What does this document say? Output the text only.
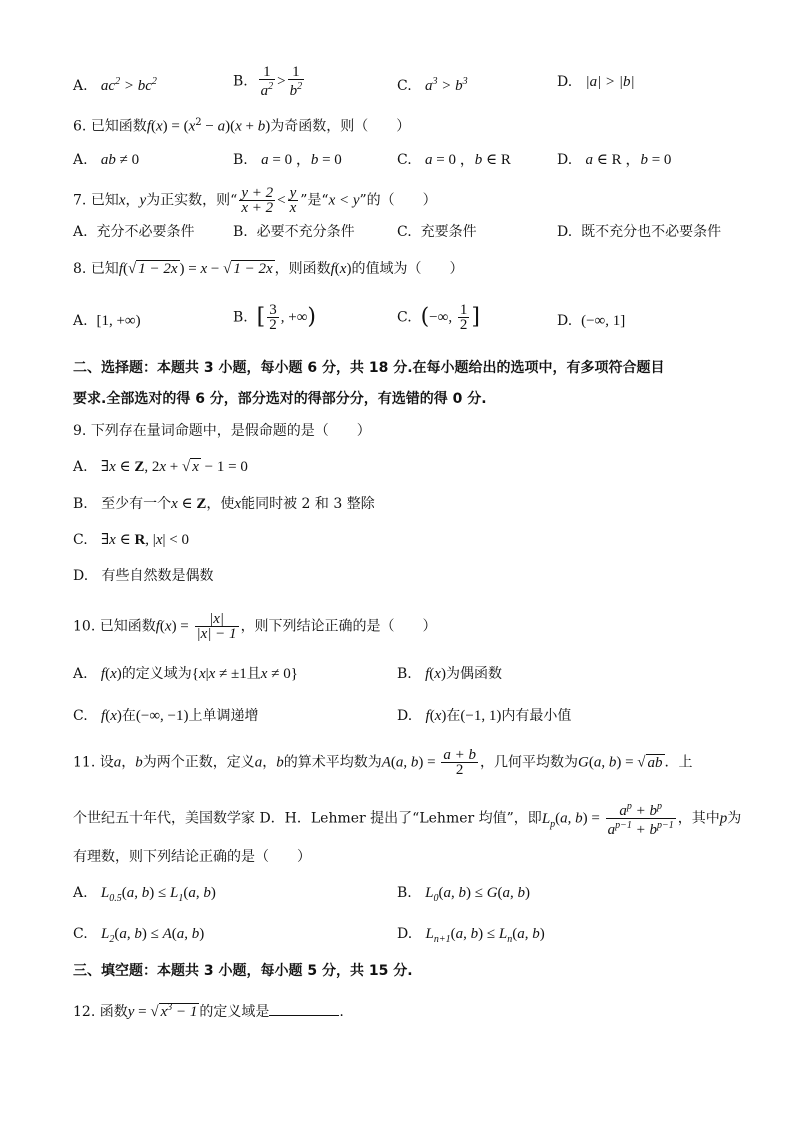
A. $ac^2 > bc^2$	B. $\frac{1}{a^2} > \frac{1}{b^2}$	C. $a^3 > b^3$	D. |a| > |b|
6. 已知函数$f(x) = (x^2 - a)(x + b)$为奇函数，则（　　）
A. ab ≠ 0	B. a = 0 ，b = 0	C. a = 0 ，b ∈ R	D. a ∈ R ，b = 0
7. 已知x，y为正实数，则“ $\frac{y + 2}{x + 2} < \frac{y}{x}$ ”是“x < y”的（　　）
A. 充分不必要条件	B. 必要不充分条件	C. 充要条件	D. 既不充分也不必要条件
8. 已知f(√ 1 − 2x ) = x − √ 1 − 2x ，则函数f(x)的值域为（　　）
A. [1, +∞)	B. [ $\frac{3}{2}$ , +∞)	C. (−∞, $\frac{1}{2}$ ]	D. (−∞, 1]
二、选择题：本题共 3 小题，每小题 6 分，共 18 分.在每小题给出的选项中，有多项符合题目
要求.全部选对的得 6 分，部分选对的得部分分，有选错的得 0 分.
9. 下列存在量词命题中，是假命题的是（　　）
A. ∃x ∈ Z, 2x + √ x − 1 = 0
B. 至少有一个x ∈ Z，使x能同时被 2 和 3 整除
C. ∃x ∈ R, |x| < 0
D. 有些自然数是偶数
10. 已知函数$f(x) = \frac{|x|}{|x| - 1}$ ，则下列结论正确的是（　　）
A. f(x)的定义域为{x|x ≠ ±1且x ≠ 0}	B. f(x)为偶函数
C. f(x)在(−∞, −1)上单调递增	D. f(x)在(−1, 1)内有最小值
11. 设a，b为两个正数，定义a，b的算术平均数为A(a, $b) = \frac{a + b}{2}$ ，几何平均数为G(a, b) = √ ab ．上
个世纪五十年代，美国数学家 D．H．Lehmer 提出了“Lehmer 均值”，即$L_p(a$, $b) = \frac{a^p + b^p}{a^{p-1} + b^{p-1}}$ ，其中p为
有理数，则下列结论正确的是（　　）
A. $L_{0.5}(a$, $b) \le L_1(a$, b)	B. $L_0(a$, b) ≤ G(a, b)
C. $L_2(a$, b) ≤ A(a, b)	D. $L_{n+1}(a$, $b) \le L_n(a$, b)
三、填空题：本题共 3 小题，每小题 5 分，共 15 分.
12. 函数y = √ $x^3 - 1$ 的定义域是	.
